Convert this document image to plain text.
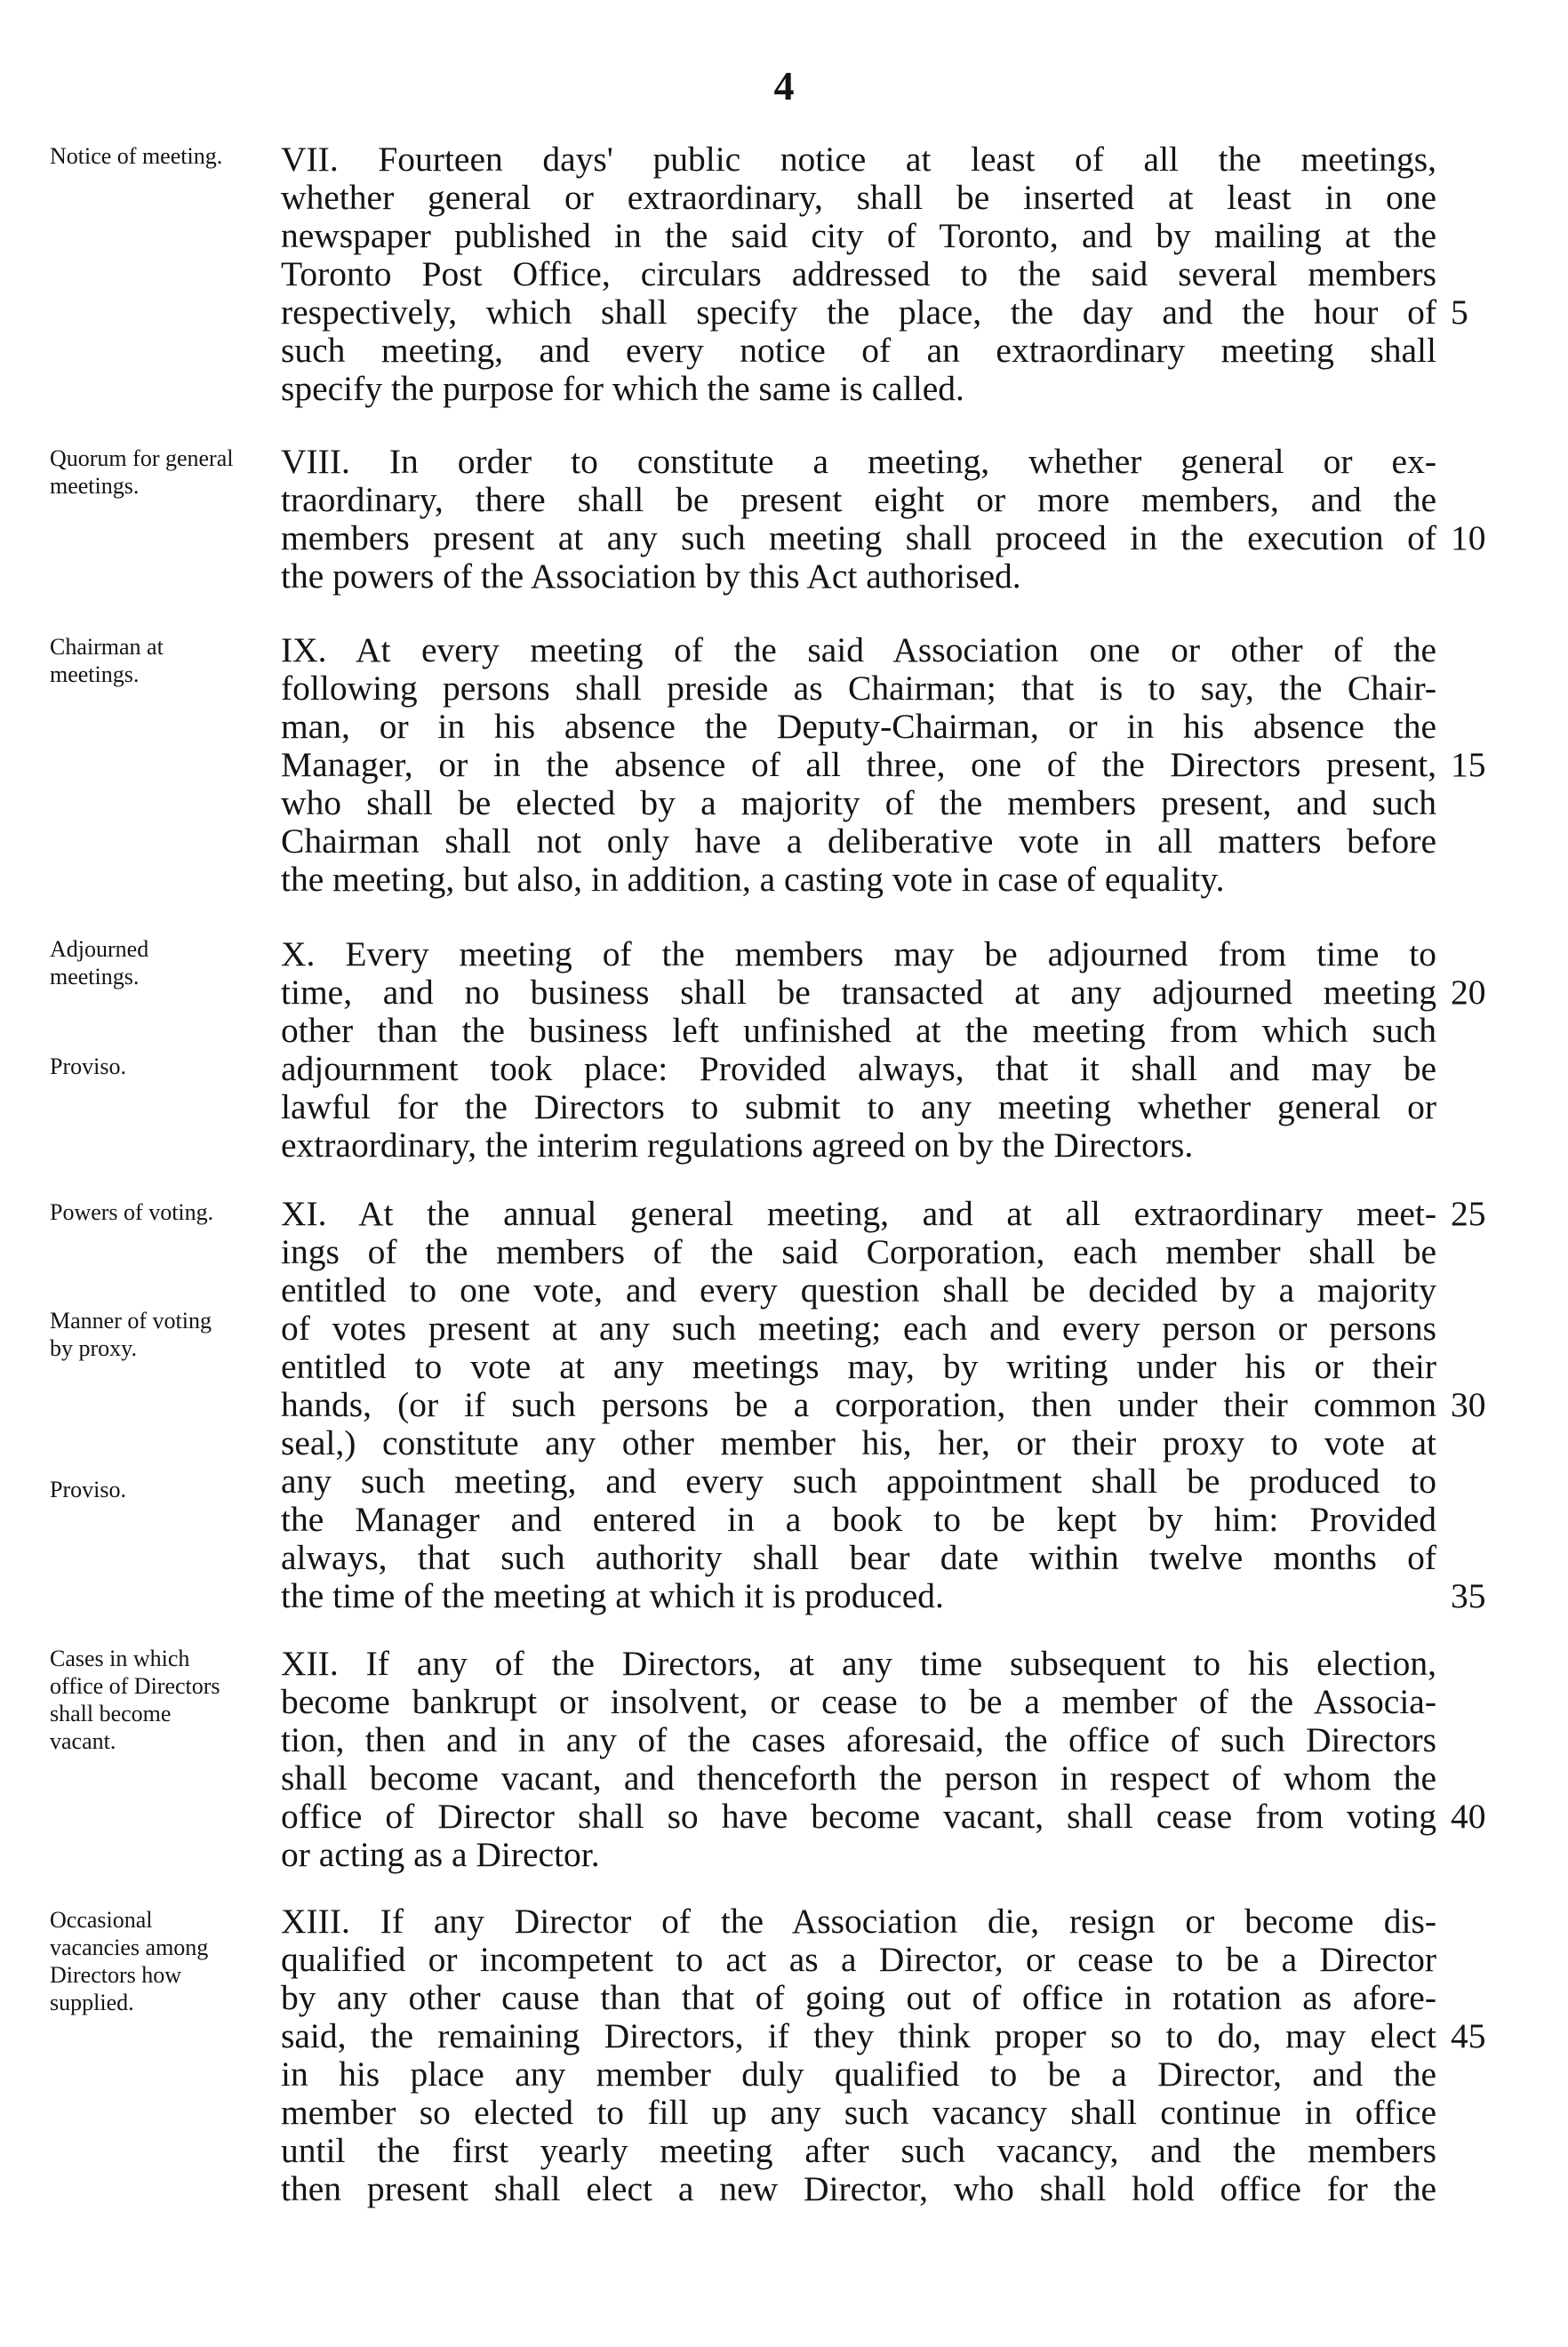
4

Notice of meeting.	VII. Fourteen days' public notice at least of all the meetings,
whether general or extraordinary, shall be inserted at least in one
newspaper published in the said city of Toronto, and by mailing at the
Toronto Post Office, circulars addressed to the said several members
respectively, which shall specify the place, the day and the hour of
such meeting, and every notice of an extraordinary meeting shall
specify the purpose for which the same is called.

Quorum for general meetings.

VIII. In order to constitute a meeting, whether general or ex-
traordinary, there shall be present eight or more members, and the
members present at any such meeting shall proceed in the execution of
the powers of the Association by this Act authorised.

Chairman at meetings.

IX. At every meeting of the said Association one or other of the
following persons shall preside as Chairman; that is to say, the Chair-
man, or in his absence the Deputy-Chairman, or in his absence the
Manager, or in the absence of all three, one of the Directors present,
who shall be elected by a majority of the members present, and such
Chairman shall not only have a deliberative vote in all matters before
the meeting, but also, in addition, a casting vote in case of equality.

Adjourned meetings.

Proviso.

X. Every meeting of the members may be adjourned from time to
time, and no business shall be transacted at any adjourned meeting
other than the business left unfinished at the meeting from which such
adjournment took place: Provided always, that it shall and may be
lawful for the Directors to submit to any meeting whether general or
extraordinary, the interim regulations agreed on by the Directors.

Powers of voting.

Manner of voting by proxy.

Proviso.

XI. At the annual general meeting, and at all extraordinary meet-
ings of the members of the said Corporation, each member shall be
entitled to one vote, and every question shall be decided by a majority
of votes present at any such meeting; each and every person or persons
entitled to vote at any meetings may, by writing under his or their
hands, (or if such persons be a corporation, then under their common
seal,) constitute any other member his, her, or their proxy to vote at
any such meeting, and every such appointment shall be produced to
the Manager and entered in a book to be kept by him: Provided
always, that such authority shall bear date within twelve months of
the time of the meeting at which it is produced.

Cases in which office of Directors shall become vacant.

XII. If any of the Directors, at any time subsequent to his election,
become bankrupt or insolvent, or cease to be a member of the Associa-
tion, then and in any of the cases aforesaid, the office of such Directors
shall become vacant, and thenceforth the person in respect of whom the
office of Director shall so have become vacant, shall cease from voting
or acting as a Director.

Occasional vacancies among Directors how supplied.

XIII. If any Director of the Association die, resign or become dis-
qualified or incompetent to act as a Director, or cease to be a Director
by any other cause than that of going out of office in rotation as afore-
said, the remaining Directors, if they think proper so to do, may elect
in his place any member duly qualified to be a Director, and the
member so elected to fill up any such vacancy shall continue in office
until the first yearly meeting after such vacancy, and the members
then present shall elect a new Director, who shall hold office for the
5
10
15
20
25
30
35
40
45
